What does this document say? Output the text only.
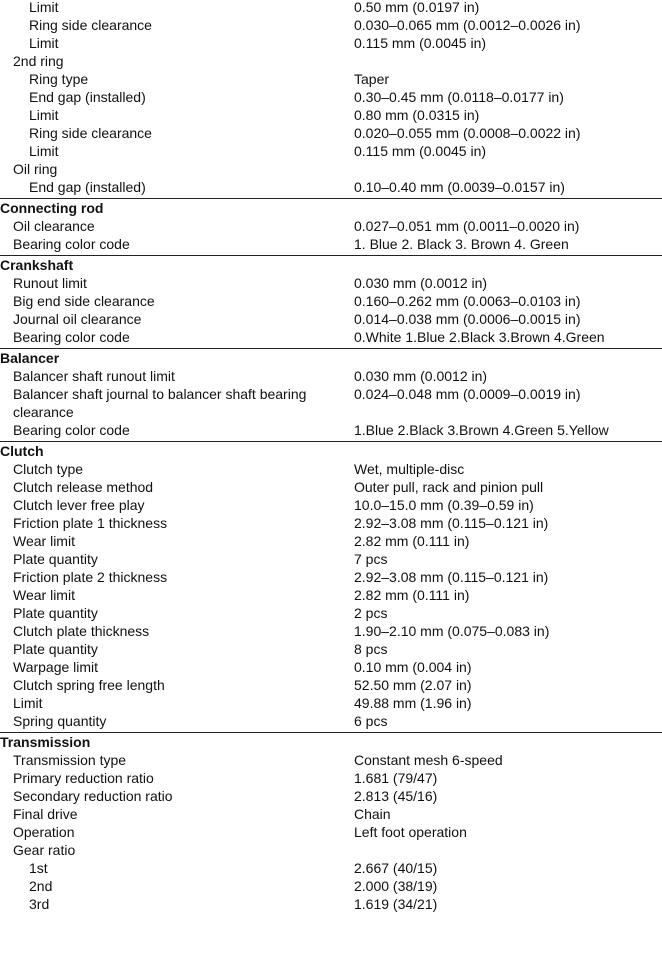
Limit	0.50 mm (0.0197 in)
Ring side clearance	0.030–0.065 mm (0.0012–0.0026 in)
Limit	0.115 mm (0.0045 in)
2nd ring
Ring type	Taper
End gap (installed)	0.30–0.45 mm (0.0118–0.0177 in)
Limit	0.80 mm (0.0315 in)
Ring side clearance	0.020–0.055 mm (0.0008–0.0022 in)
Limit	0.115 mm (0.0045 in)
Oil ring
End gap (installed)	0.10–0.40 mm (0.0039–0.0157 in)
Connecting rod
Oil clearance	0.027–0.051 mm (0.0011–0.0020 in)
Bearing color code	1. Blue 2. Black 3. Brown 4. Green
Crankshaft
Runout limit	0.030 mm (0.0012 in)
Big end side clearance	0.160–0.262 mm (0.0063–0.0103 in)
Journal oil clearance	0.014–0.038 mm (0.0006–0.0015 in)
Bearing color code	0.White 1.Blue 2.Black 3.Brown 4.Green
Balancer
Balancer shaft runout limit	0.030 mm (0.0012 in)
Balancer shaft journal to balancer shaft bearing clearance
0.024–0.048 mm (0.0009–0.0019 in)
Bearing color code	1.Blue 2.Black 3.Brown 4.Green 5.Yellow
Clutch
Clutch type	Wet, multiple-disc
Clutch release method	Outer pull, rack and pinion pull
Clutch lever free play	10.0–15.0 mm (0.39–0.59 in)
Friction plate 1 thickness	2.92–3.08 mm (0.115–0.121 in)
Wear limit	2.82 mm (0.111 in)
Plate quantity	7 pcs
Friction plate 2 thickness	2.92–3.08 mm (0.115–0.121 in)
Wear limit	2.82 mm (0.111 in)
Plate quantity	2 pcs
Clutch plate thickness	1.90–2.10 mm (0.075–0.083 in)
Plate quantity	8 pcs
Warpage limit	0.10 mm (0.004 in)
Clutch spring free length	52.50 mm (2.07 in)
Limit	49.88 mm (1.96 in)
Spring quantity	6 pcs
Transmission
Transmission type	Constant mesh 6-speed
Primary reduction ratio	1.681 (79/47)
Secondary reduction ratio	2.813 (45/16)
Final drive	Chain
Operation	Left foot operation
Gear ratio
1st	2.667 (40/15)
2nd	2.000 (38/19)
3rd	1.619 (34/21)
